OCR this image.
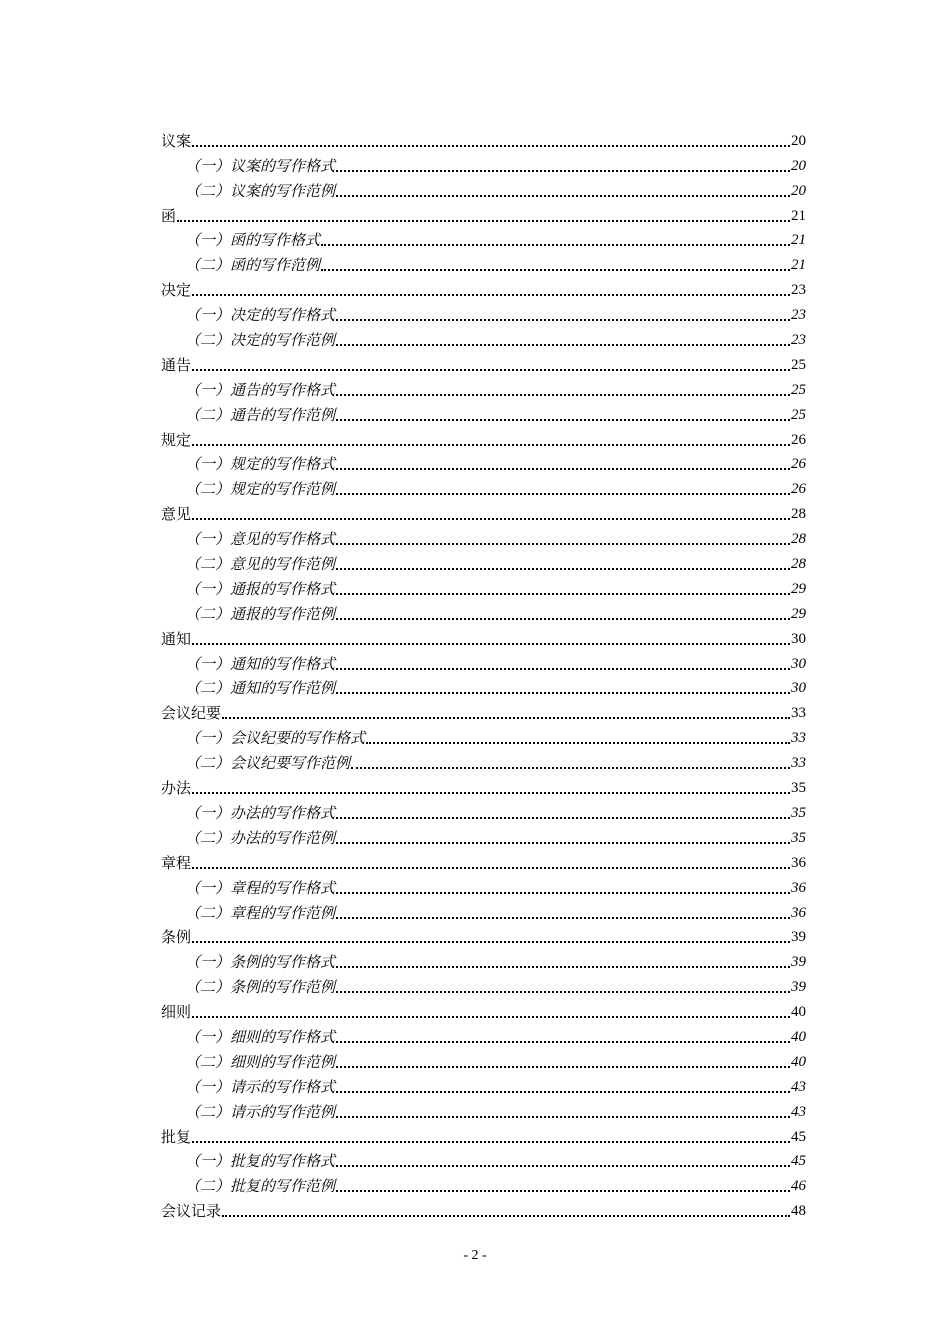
议案	20
（一）议案的写作格式	20
（二）议案的写作范例	20
函	21
（一）函的写作格式	21
（二）函的写作范例	21
决定	23
（一）决定的写作格式	23
（二）决定的写作范例	23
通告	25
（一）通告的写作格式	25
（二）通告的写作范例	25
规定	26
（一）规定的写作格式	26
（二）规定的写作范例	26
意见	28
（一）意见的写作格式	28
（二）意见的写作范例	28
（一）通报的写作格式	29
（二）通报的写作范例	29
通知	30
（一）通知的写作格式	30
（二）通知的写作范例	30
会议纪要	33
（一）会议纪要的写作格式	33
（二）会议纪要写作范例	33
办法	35
（一）办法的写作格式	35
（二）办法的写作范例	35
章程	36
（一）章程的写作格式	36
（二）章程的写作范例	36
条例	39
（一）条例的写作格式	39
（二）条例的写作范例	39
细则	40
（一）细则的写作格式	40
（二）细则的写作范例	40
（一）请示的写作格式	43
（二）请示的写作范例	43
批复	45
（一）批复的写作格式	45
（二）批复的写作范例	46
会议记录	48
- 2 -
